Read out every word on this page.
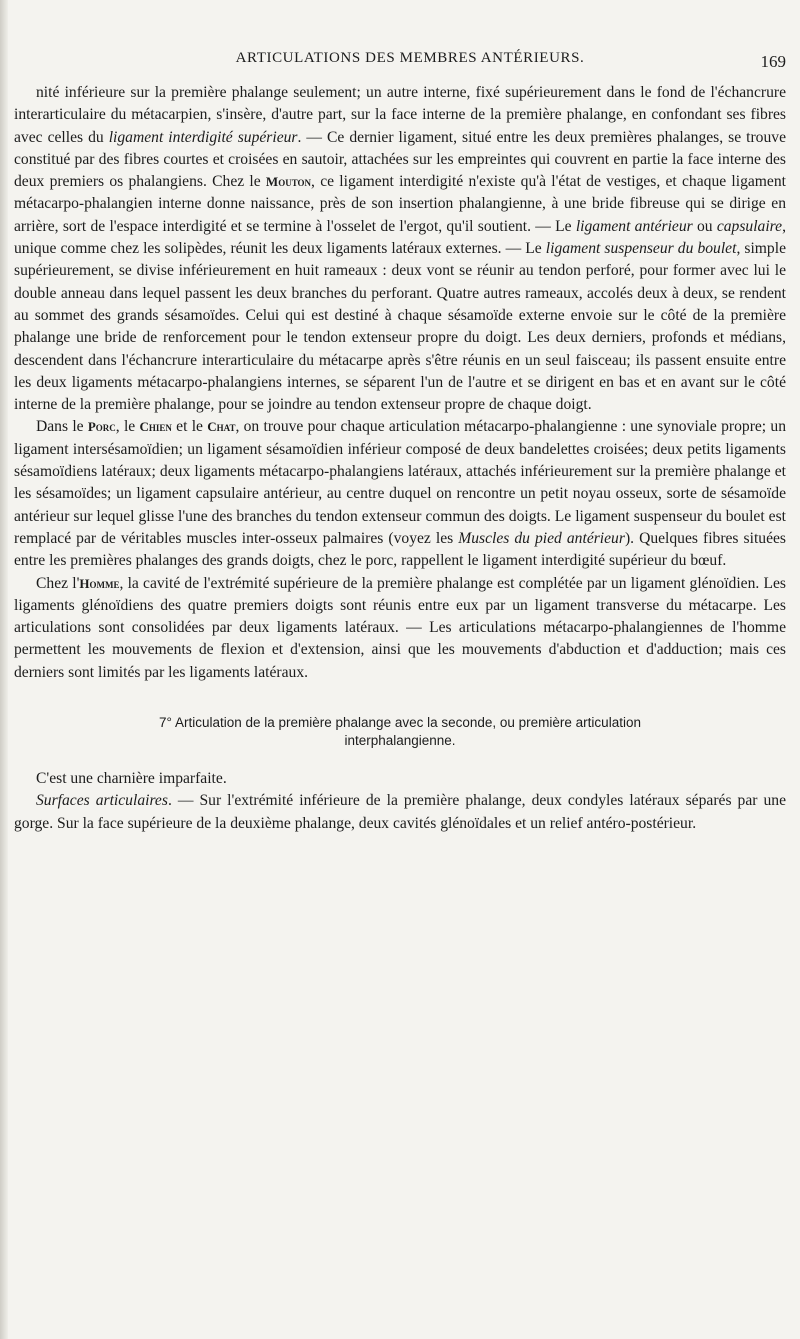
ARTICULATIONS DES MEMBRES ANTÉRIEURS.	169

nité inférieure sur la première phalange seulement; un autre interne, fixé supérieurement dans le fond de l'échancrure interarticulaire du métacarpien, s'insère, d'autre part, sur la face interne de la première phalange, en confondant ses fibres avec celles du ligament interdigité supérieur. — Ce dernier ligament, situé entre les deux premières phalanges, se trouve constitué par des fibres courtes et croisées en sautoir, attachées sur les empreintes qui couvrent en partie la face interne des deux premiers os phalangiens. Chez le Mouton, ce ligament interdigité n'existe qu'à l'état de vestiges, et chaque ligament métacarpo-phalangien interne donne naissance, près de son insertion phalangienne, à une bride fibreuse qui se dirige en arrière, sort de l'espace interdigité et se termine à l'osselet de l'ergot, qu'il soutient. — Le ligament antérieur ou capsulaire, unique comme chez les solipèdes, réunit les deux ligaments latéraux externes. — Le ligament suspenseur du boulet, simple supérieurement, se divise inférieurement en huit rameaux : deux vont se réunir au tendon perforé, pour former avec lui le double anneau dans lequel passent les deux branches du perforant. Quatre autres rameaux, accolés deux à deux, se rendent au sommet des grands sésamoïdes. Celui qui est destiné à chaque sésamoïde externe envoie sur le côté de la première phalange une bride de renforcement pour le tendon extenseur propre du doigt. Les deux derniers, profonds et médians, descendent dans l'échancrure interarticulaire du métacarpe après s'être réunis en un seul faisceau; ils passent ensuite entre les deux ligaments métacarpo-phalangiens internes, se séparent l'un de l'autre et se dirigent en bas et en avant sur le côté interne de la première phalange, pour se joindre au tendon extenseur propre de chaque doigt.

Dans le Porc, le Chien et le Chat, on trouve pour chaque articulation métacarpo-phalangienne : une synoviale propre; un ligament intersésamoïdien; un ligament sésamoïdien inférieur composé de deux bandelettes croisées; deux petits ligaments sésamoïdiens latéraux; deux ligaments métacarpo-phalangiens latéraux, attachés inférieurement sur la première phalange et les sésamoïdes; un ligament capsulaire antérieur, au centre duquel on rencontre un petit noyau osseux, sorte de sésamoïde antérieur sur lequel glisse l'une des branches du tendon extenseur commun des doigts. Le ligament suspenseur du boulet est remplacé par de véritables muscles inter-osseux palmaires (voyez les Muscles du pied antérieur). Quelques fibres situées entre les premières phalanges des grands doigts, chez le porc, rappellent le ligament interdigité supérieur du bœuf.

Chez l'Homme, la cavité de l'extrémité supérieure de la première phalange est complétée par un ligament glénoïdien. Les ligaments glénoïdiens des quatre premiers doigts sont réunis entre eux par un ligament transverse du métacarpe. Les articulations sont consolidées par deux ligaments latéraux. — Les articulations métacarpo-phalangiennes de l'homme permettent les mouvements de flexion et d'extension, ainsi que les mouvements d'abduction et d'adduction; mais ces derniers sont limités par les ligaments latéraux.

7° Articulation de la première phalange avec la seconde, ou première articulation
interphalangienne.

C'est une charnière imparfaite.

Surfaces articulaires. — Sur l'extrémité inférieure de la première phalange, deux condyles latéraux séparés par une gorge. Sur la face supérieure de la deuxième phalange, deux cavités glénoïdales et un relief antéro-postérieur.
